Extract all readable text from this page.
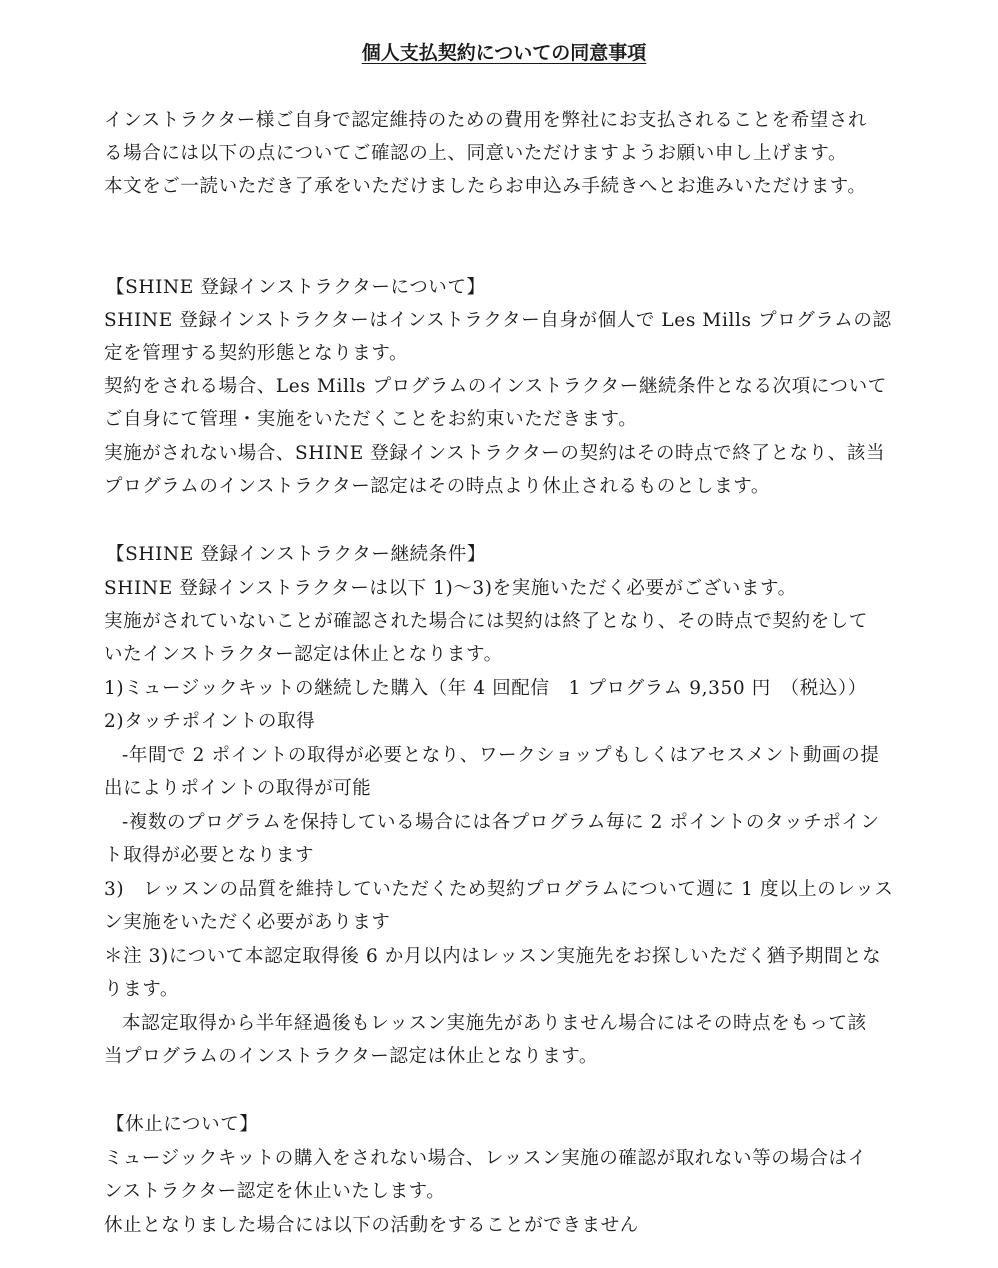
個人支払契約についての同意事項
インストラクター様ご自身で認定維持のための費用を弊社にお支払されることを希望され
る場合には以下の点についてご確認の上、同意いただけますようお願い申し上げます。
本文をご一読いただき了承をいただけましたらお申込み手続きへとお進みいただけます。
【SHINE 登録インストラクターについて】
SHINE 登録インストラクターはインストラクター自身が個人で Les Mills プログラムの認
定を管理する契約形態となります。
契約をされる場合、Les Mills プログラムのインストラクター継続条件となる次項について
ご自身にて管理・実施をいただくことをお約束いただきます。
実施がされない場合、SHINE 登録インストラクターの契約はその時点で終了となり、該当
プログラムのインストラクター認定はその時点より休止されるものとします。
【SHINE 登録インストラクター継続条件】
SHINE 登録インストラクターは以下 1)〜3)を実施いただく必要がございます。
実施がされていないことが確認された場合には契約は終了となり、その時点で契約をして
いたインストラクター認定は休止となります。
1)ミュージックキットの継続した購入（年 4 回配信　1 プログラム 9,350 円　（税込））
2)タッチポイントの取得
-年間で 2 ポイントの取得が必要となり、ワークショップもしくはアセスメント動画の提
出によりポイントの取得が可能
-複数のプログラムを保持している場合には各プログラム毎に 2 ポイントのタッチポイン
ト取得が必要となります
3)　レッスンの品質を維持していただくため契約プログラムについて週に 1 度以上のレッス
ン実施をいただく必要があります
＊注 3)について本認定取得後 6 か月以内はレッスン実施先をお探しいただく猶予期間とな
ります。
本認定取得から半年経過後もレッスン実施先がありません場合にはその時点をもって該
当プログラムのインストラクター認定は休止となります。
【休止について】
ミュージックキットの購入をされない場合、レッスン実施の確認が取れない等の場合はイ
ンストラクター認定を休止いたします。
休止となりました場合には以下の活動をすることができません
